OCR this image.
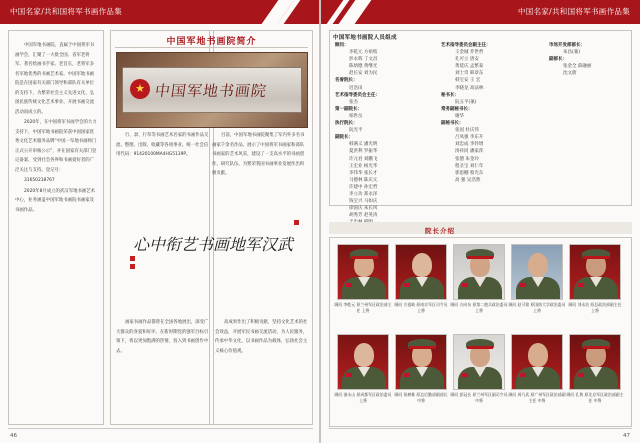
中国名家/共和国将军书画作品集

中国军地书画院，直属于中国将军书画学会，汇聚了一大批全国、省军老将军、著名绘画书手家、老首长，老将军多名军地优秀的书画艺术家。中国军地书画院是在国家有关部门领导和部队有关单位的支持下，为繁荣社会主义先进文化、弘扬民族传统文化艺术事业、开展书画交流活动而成立的。

2020年，在中国将军书画学会的大力支持下，中国军地书画院荣获中国国家优秀文化艺术服务品牌“中国一军地书画师门正式公开审核公示”，并在国家有关部门登记备案、受到社会各界和书画爱好者的广泛关注与支持。登记号：

31650218767

2020年8月成立的武汉军地书画艺术中心，业务涵盖中国军地书画院书画家及书画作品。

中国军地书画院简介
★ 中国军地书画院

行、隶、行草等书画艺术名家的书画作品交流、整理、出版、收藏等各项事业。统一社会信用代码：91420100MA4HG5139P。

目前，中国军地书画院聚集了军内外多名书画家千余名作品，展示了中国将军书画家和部队书画家的艺术风采，建设了一支高水平的书画创作、研究队伍，为繁荣我国书画事业发展作出积极贡献。

心中衔艺书画地军汉武

画家书画作品都曾在全国各地展出，深受广大群众的喜爱和好评。在新时期党的强军目标引领下，将以更加饱满的热情，投入到书画创作中去。

高成果作出了积极贡献，坚持文化艺术的社会效益，开展军民书画交流活动，为人民服务，传承中华文化，以书画作品为载体，弘扬社会主义核心价值观。

46
中国名家/共和国将军书画作品集
中国军地书画院人员组成
顾问：
李乾元 方祖岐
彭永辉 丁文昌
陈炳德 黄继光
赵长安 刘为民
名誉院长：
迟浩田
艺术指导委员会主任：
张杰
第一副院长：
柏世岳
执行院长：
阮光平
副院长：
韩满义 潘光明
夏洪利 罗振华
许元君 刘鹏飞
王宏业 杨光华
李伟华 张长才
马德林 陈庆元
许建中 孙宏哲
李立功 郑永泽
钱宝兴 马如庆
徐国庆 朱长风
胡秀芳 赵英涛
艺术指导委员会副主任：
王金城 乔世哲
孔可立 唐安
黄延庆 孟繁泰
刘士奇 韩章东
韩宝安 王 宏
李晓龙 高法林
秘书长：
阮五平(兼)
常务副秘书长：
谢华
副秘书长：
张国 杜庆伟
吕凤强 李东升
刘忠成 李铃增
汤祥同 潘家萍
张德 朱金玲
程圣宝 刘仁年
郭思棚 蔡光东
高 强 吴浩然
市场开发部部长：
朱昌(兼)
副部长：
张金全 薛融丽
沈文蔚
院长介绍
顾问 李乾元 原兰州军区政治部主任 上将
顾问 方祖岐 原南京军区司令员 上将
顾问 方向东 原第二炮兵政治委员 上将
顾问 赵可铭 原国防大学政治委员 上将
顾问 刘永治 原总政治部副主任 上将
顾问 滋永山 原成都军区政治委员 上将
顾问 侯树栋 原总后勤部副部长 中将
顾问 彭冠长 原兰州军区副司令员 中将
顾问 周乃武 原广州军区政治部副主任 中将
顾问 孔隽 原北京军区政治部副主任 中将
47
